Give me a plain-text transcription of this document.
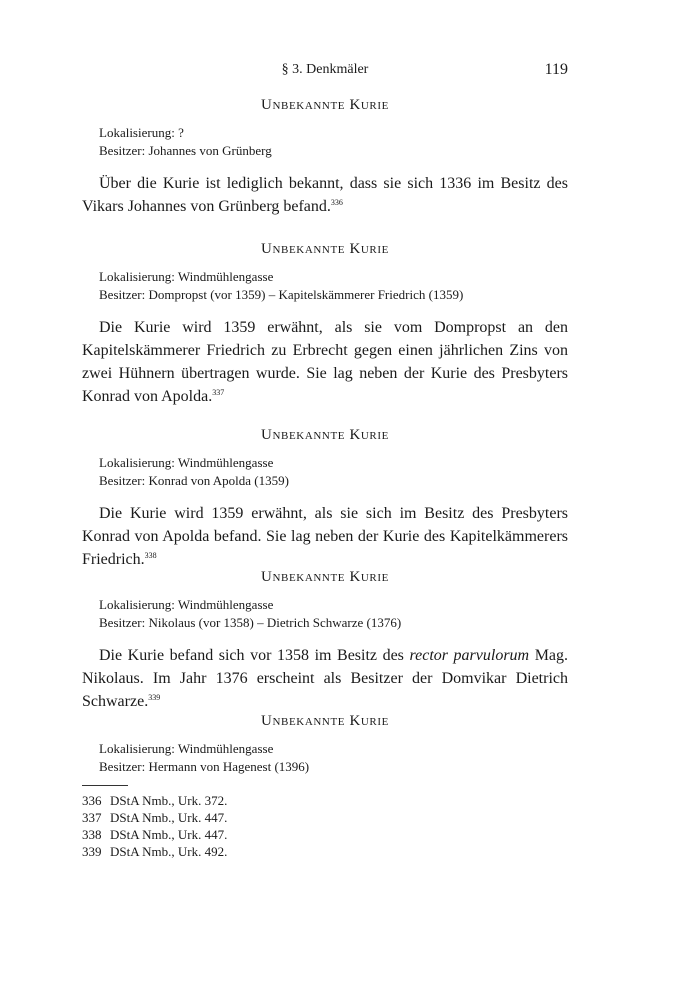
§ 3. Denkmäler	119
Unbekannte Kurie
Lokalisierung: ?
Besitzer: Johannes von Grünberg

Über die Kurie ist lediglich bekannt, dass sie sich 1336 im Besitz des Vikars Johannes von Grünberg befand.$^{336}$

Unbekannte Kurie
Lokalisierung: Windmühlengasse
Besitzer: Dompropst (vor 1359) – Kapitelskämmerer Friedrich (1359)

Die Kurie wird 1359 erwähnt, als sie vom Dompropst an den Kapitelskämmerer Friedrich zu Erbrecht gegen einen jährlichen Zins von zwei Hühnern übertragen wurde. Sie lag neben der Kurie des Presbyters Konrad von Apolda.$^{337}$

Unbekannte Kurie
Lokalisierung: Windmühlengasse
Besitzer: Konrad von Apolda (1359)

Die Kurie wird 1359 erwähnt, als sie sich im Besitz des Presbyters Konrad von Apolda befand. Sie lag neben der Kurie des Kapitelkämmerers Friedrich.$^{338}$

Unbekannte Kurie
Lokalisierung: Windmühlengasse
Besitzer: Nikolaus (vor 1358) – Dietrich Schwarze (1376)

Die Kurie befand sich vor 1358 im Besitz des rector parvulorum Mag. Nikolaus. Im Jahr 1376 erscheint als Besitzer der Domvikar Dietrich Schwarze.$^{339}$

Unbekannte Kurie
Lokalisierung: Windmühlengasse
Besitzer: Hermann von Hagenest (1396)
336 DStA Nmb., Urk. 372.
337 DStA Nmb., Urk. 447.
338 DStA Nmb., Urk. 447.
339 DStA Nmb., Urk. 492.
